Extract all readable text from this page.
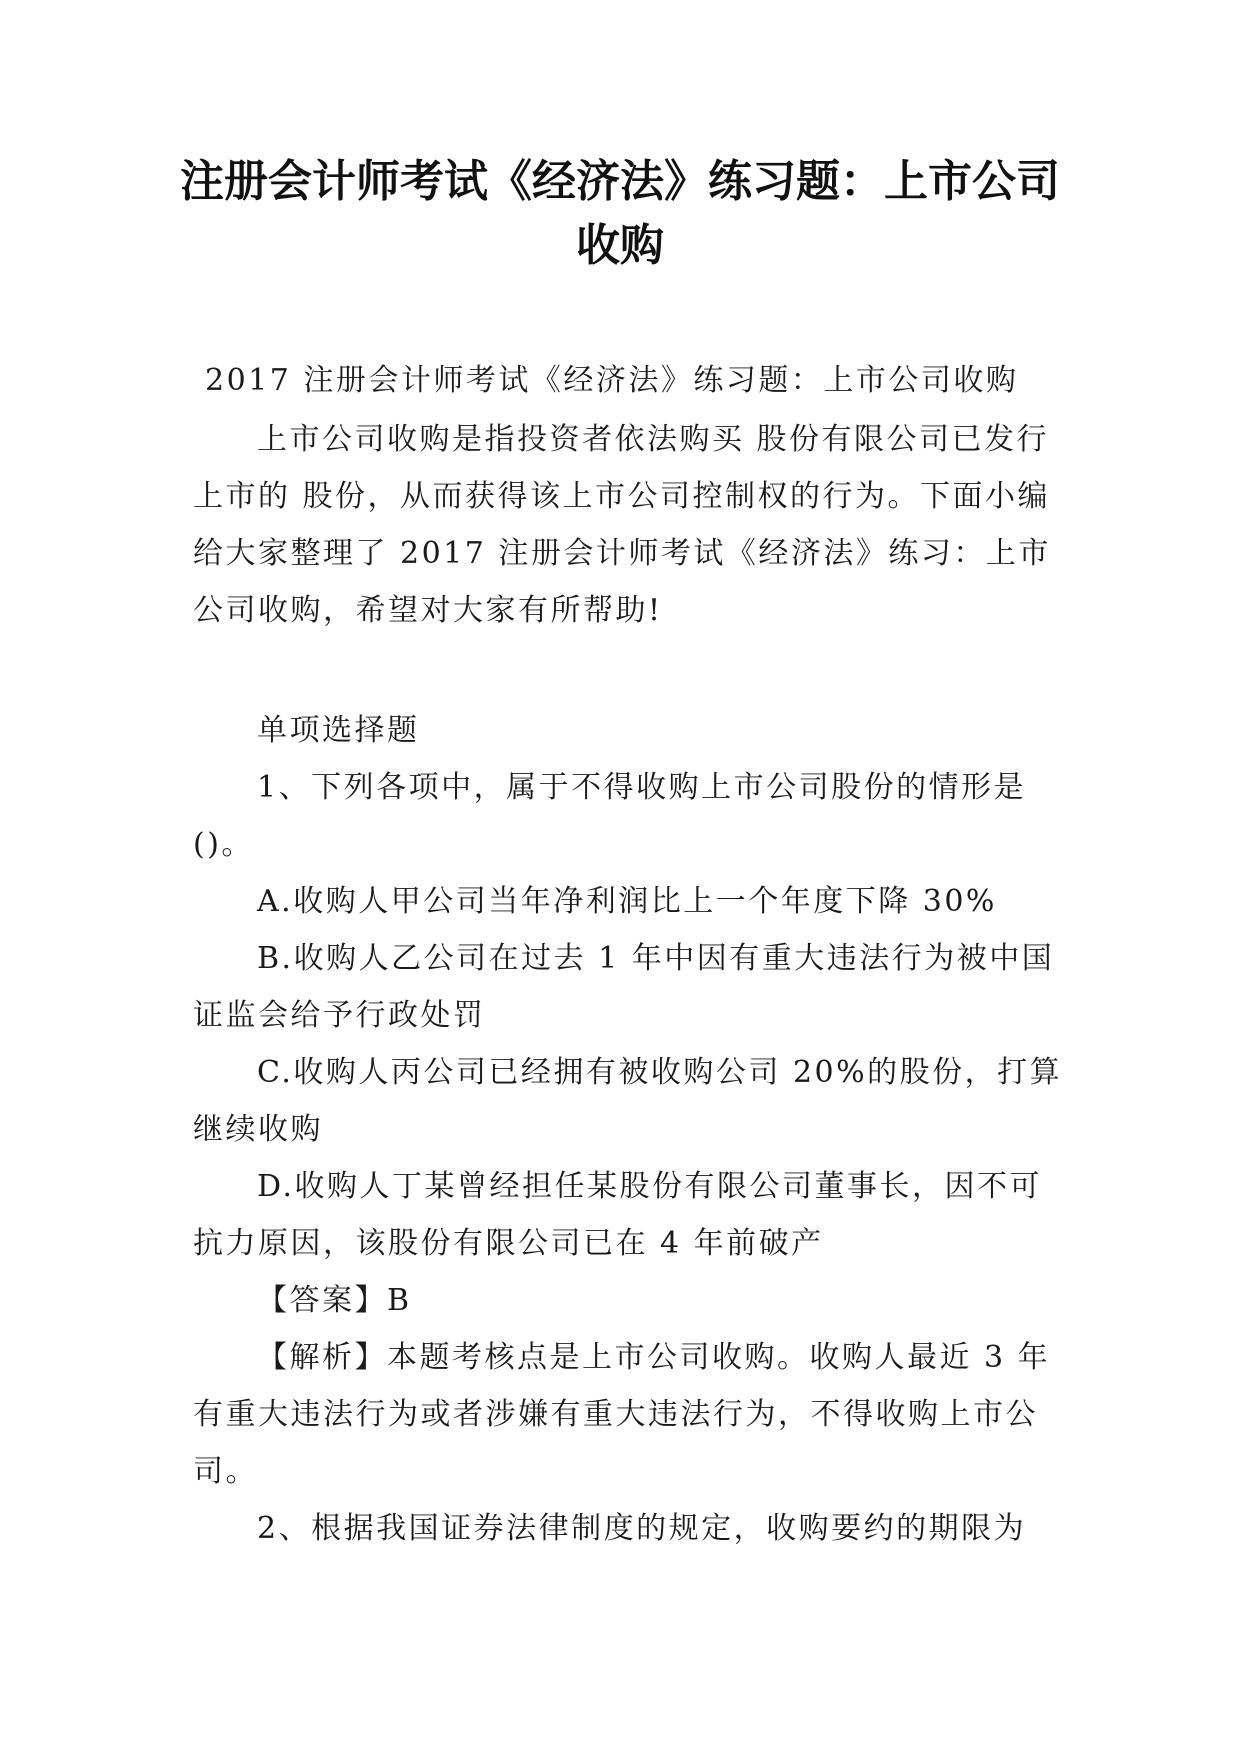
注册会计师考试《经济法》练习题：上市公司收购

2017 注册会计师考试《经济法》练习题：上市公司收购

上市公司收购是指投资者依法购买 股份有限公司已发行上市的 股份，从而获得该上市公司控制权的行为。下面小编给大家整理了 2017 注册会计师考试《经济法》练习：上市公司收购，希望对大家有所帮助!

单项选择题

1、下列各项中，属于不得收购上市公司股份的情形是()。

A.收购人甲公司当年净利润比上一个年度下降 30%

B.收购人乙公司在过去 1 年中因有重大违法行为被中国证监会给予行政处罚

C.收购人丙公司已经拥有被收购公司 20%的股份，打算继续收购

D.收购人丁某曾经担任某股份有限公司董事长，因不可抗力原因，该股份有限公司已在 4 年前破产

【答案】B

【解析】本题考核点是上市公司收购。收购人最近 3 年有重大违法行为或者涉嫌有重大违法行为，不得收购上市公司。

2、根据我国证券法律制度的规定，收购要约的期限为
